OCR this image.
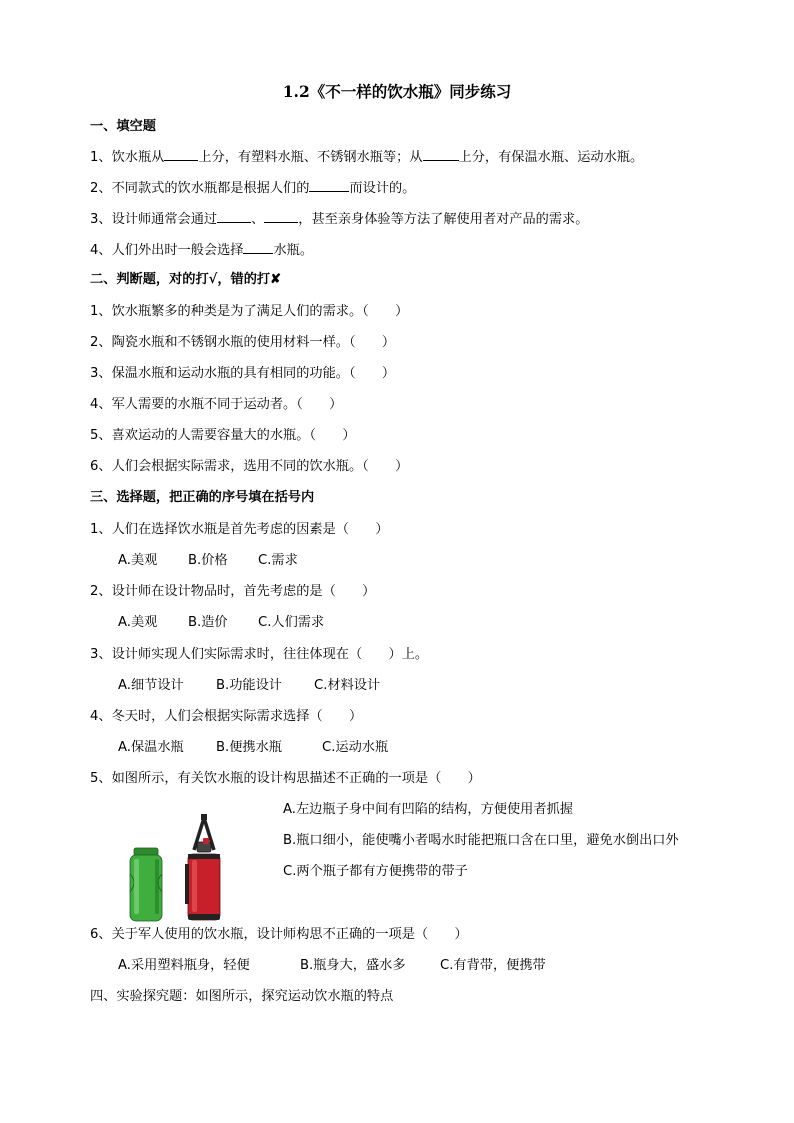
1.2《不一样的饮水瓶》同步练习
一、填空题
1、饮水瓶从	上分，有塑料水瓶、不锈钢水瓶等；从	上分，有保温水瓶、运动水瓶。
2、不同款式的饮水瓶都是根据人们的	而设计的。
3、设计师通常会通过	、	，甚至亲身体验等方法了解使用者对产品的需求。
4、人们外出时一般会选择 水瓶。
二、判断题，对的打√，错的打✘
1、饮水瓶繁多的种类是为了满足人们的需求。（　　）
2、陶瓷水瓶和不锈钢水瓶的使用材料一样。（　　）
3、保温水瓶和运动水瓶的具有相同的功能。（　　）
4、军人需要的水瓶不同于运动者。（　　）
5、喜欢运动的人需要容量大的水瓶。（　　）
6、人们会根据实际需求，选用不同的饮水瓶。（　　）
三、选择题，把正确的序号填在括号内
1、人们在选择饮水瓶是首先考虑的因素是（　　）
A.美观 B.价格 C.需求
2、设计师在设计物品时，首先考虑的是（　　）
A.美观 B.造价 C.人们需求
3、设计师实现人们实际需求时，往往体现在（　　）上。
A.细节设计 B.功能设计 C.材料设计
4、冬天时，人们会根据实际需求选择（　　）
A.保温水瓶 B.便携水瓶	C.运动水瓶
5、如图所示，有关饮水瓶的设计构思描述不正确的一项是（　　）
A.左边瓶子身中间有凹陷的结构，方便使用者抓握
B.瓶口细小，能使嘴小者喝水时能把瓶口含在口里，避免水倒出口外
C.两个瓶子都有方便携带的带子
6、关于军人使用的饮水瓶，设计师构思不正确的一项是（　　）
A.采用塑料瓶身，轻便	B.瓶身大，盛水多	C.有背带，便携带
四、实验探究题：如图所示，探究运动饮水瓶的特点
